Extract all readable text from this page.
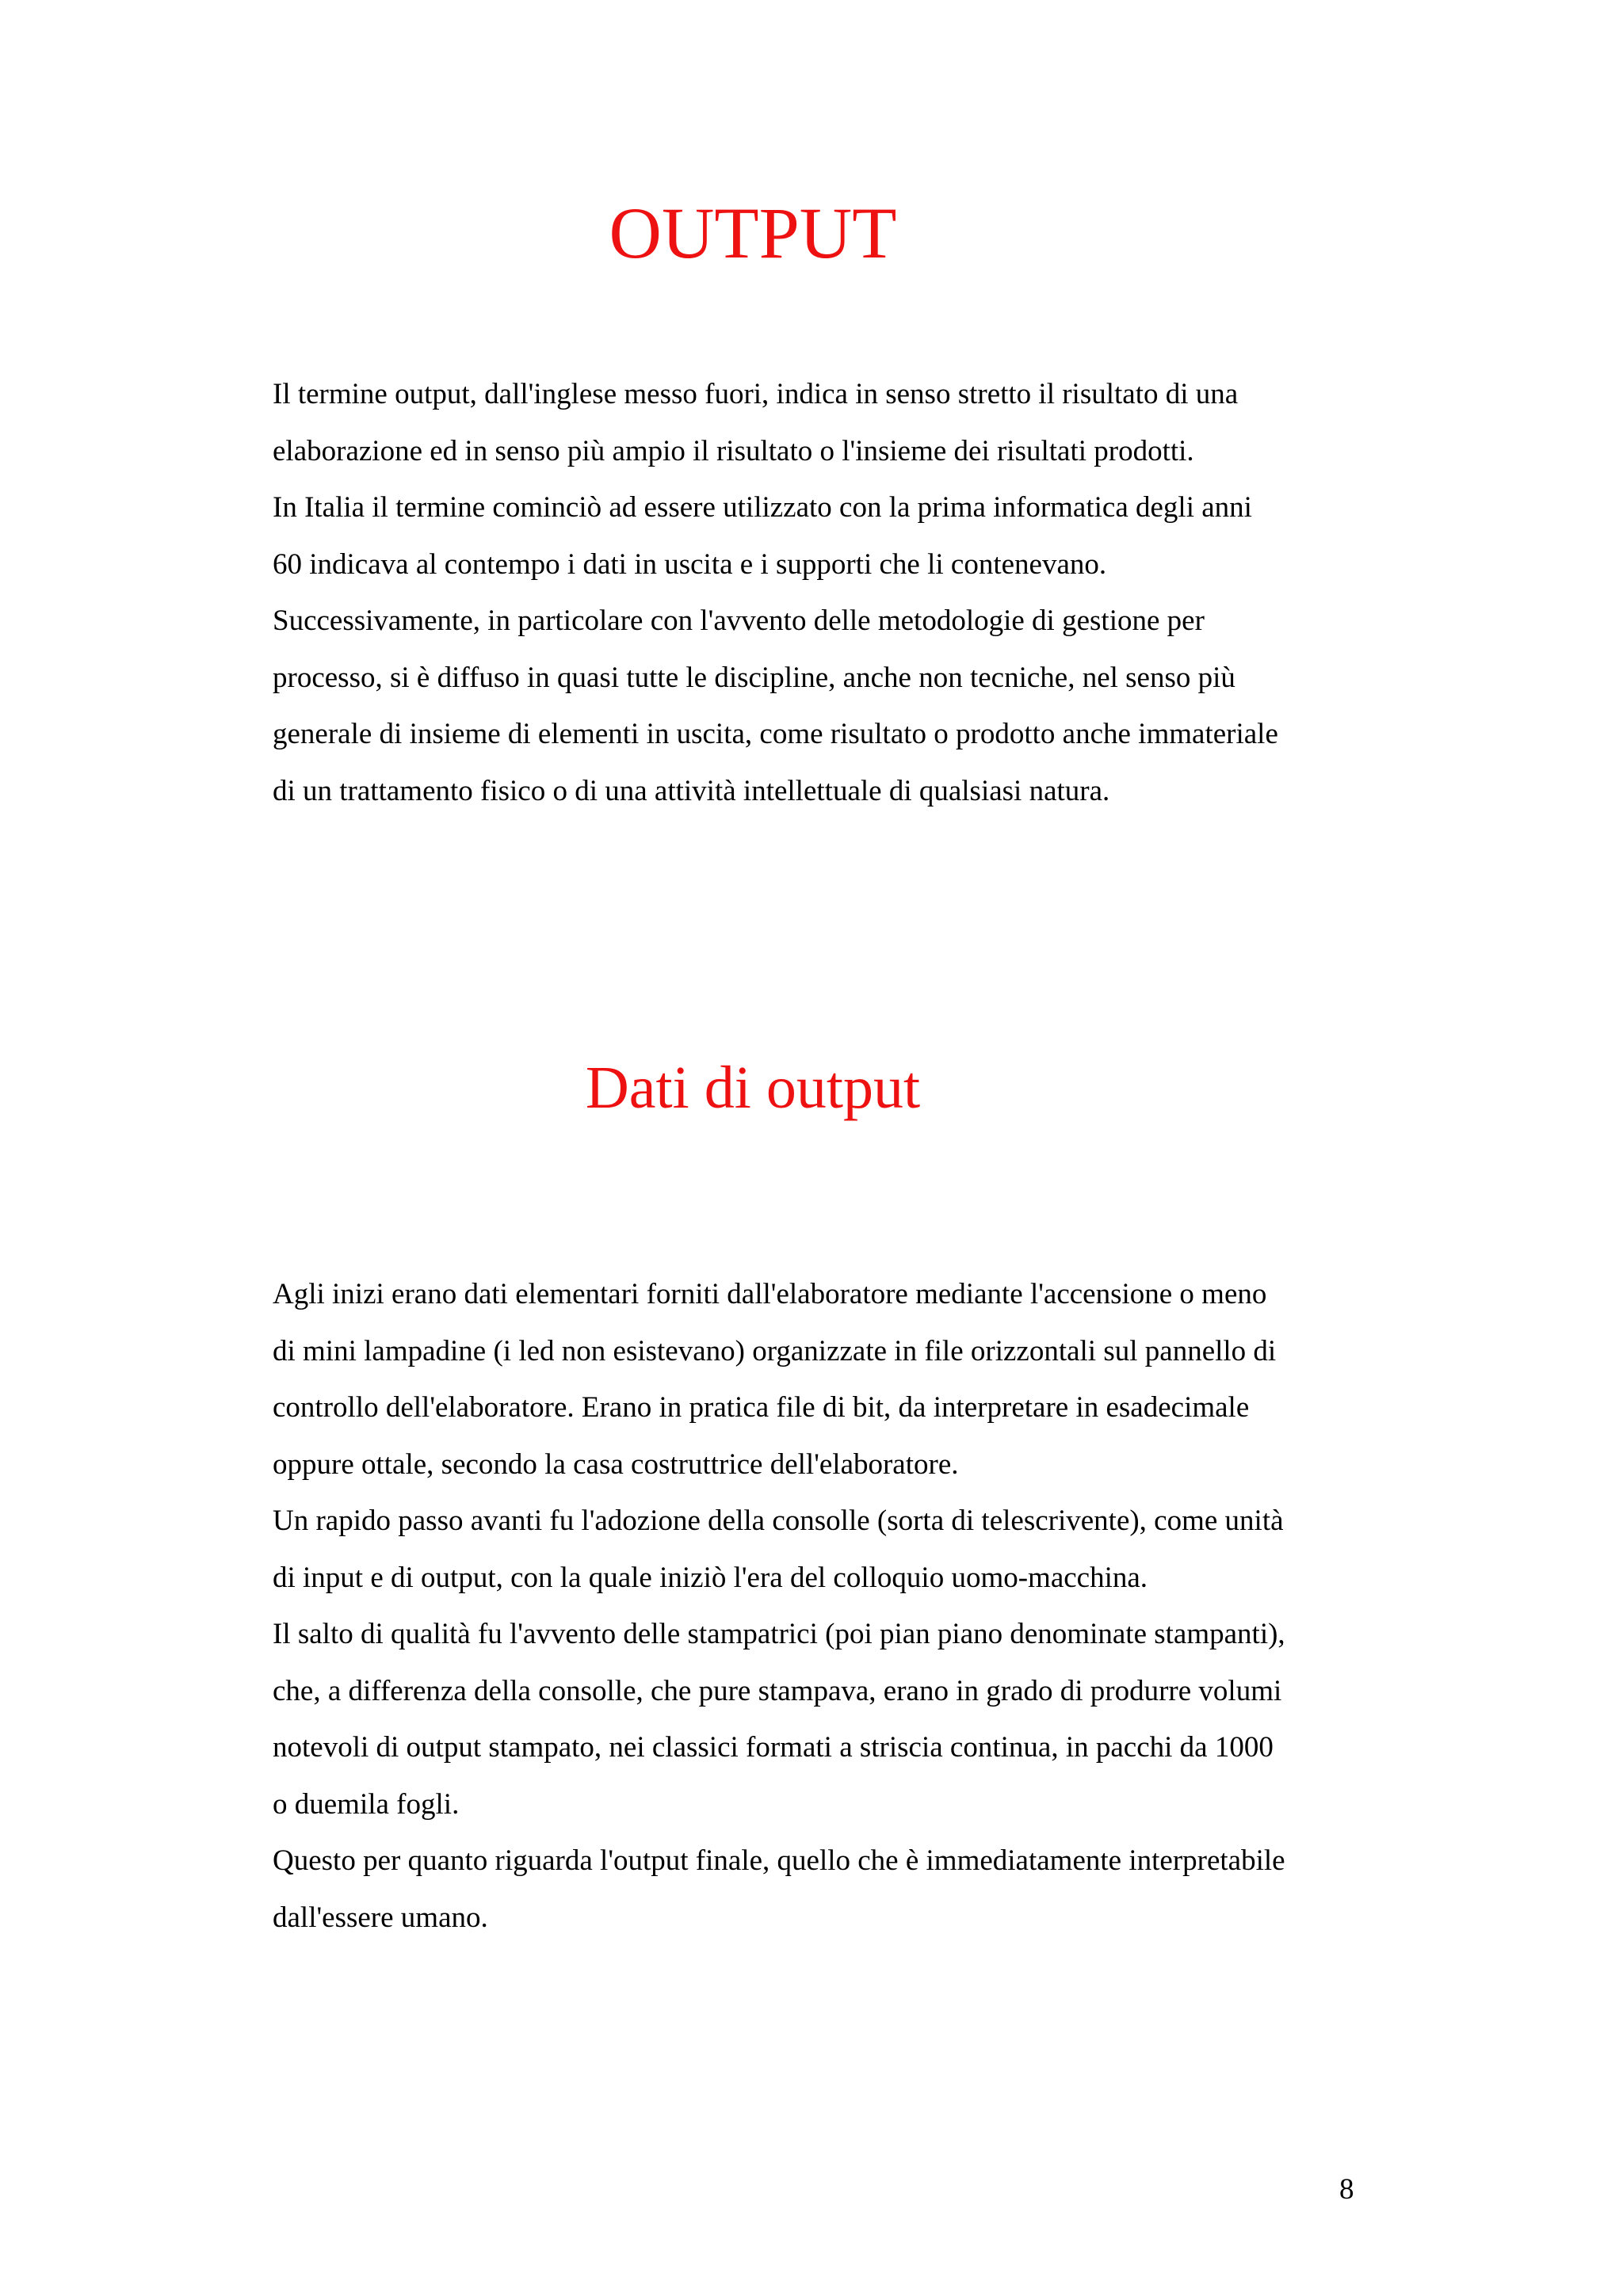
OUTPUT

Il termine output, dall'inglese messo fuori, indica in senso stretto il risultato di una elaborazione ed in senso più ampio il risultato o l'insieme dei risultati prodotti.

In Italia il termine cominciò ad essere utilizzato con la prima informatica degli anni 60 indicava al contempo i dati in uscita e i supporti che li contenevano.

Successivamente, in particolare con l'avvento delle metodologie di gestione per processo, si è diffuso in quasi tutte le discipline, anche non tecniche, nel senso più generale di insieme di elementi in uscita, come risultato o prodotto anche immateriale di un trattamento fisico o di una attività intellettuale di qualsiasi natura.

Dati di output

Agli inizi erano dati elementari forniti dall'elaboratore mediante l'accensione o meno di mini lampadine (i led non esistevano) organizzate in file orizzontali sul pannello di controllo dell'elaboratore. Erano in pratica file di bit, da interpretare in esadecimale oppure ottale, secondo la casa costruttrice dell'elaboratore.

Un rapido passo avanti fu l'adozione della consolle (sorta di telescrivente), come unità di input e di output, con la quale iniziò l'era del colloquio uomo-macchina.

Il salto di qualità fu l'avvento delle stampatrici (poi pian piano denominate stampanti), che, a differenza della consolle, che pure stampava, erano in grado di produrre volumi notevoli di output stampato, nei classici formati a striscia continua, in pacchi da 1000 o duemila fogli.

Questo per quanto riguarda l'output finale, quello che è immediatamente interpretabile dall'essere umano.

8
